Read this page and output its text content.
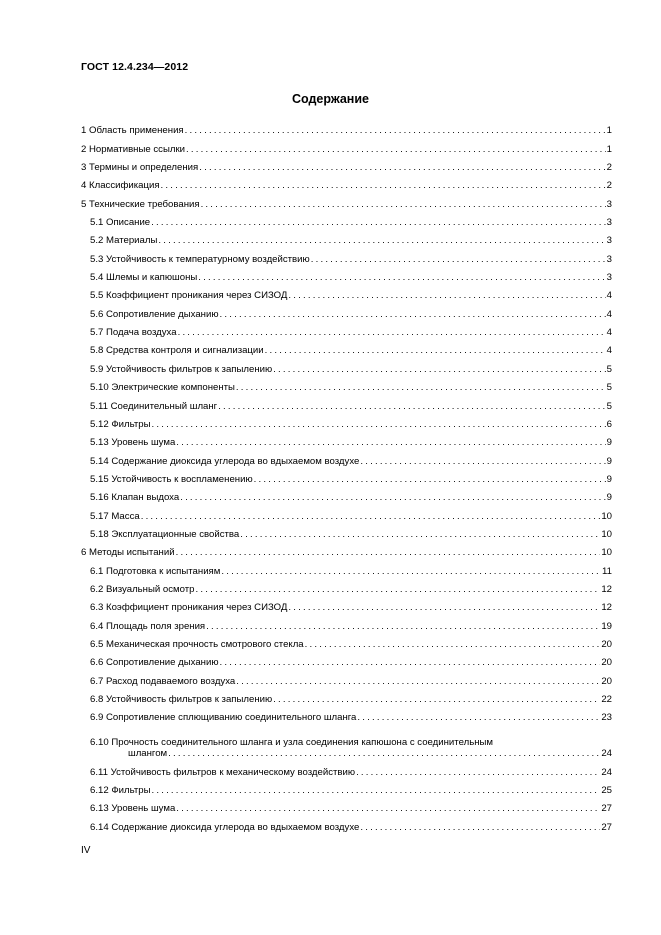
ГОСТ 12.4.234—2012
Содержание
1 Область применения .....	1
2 Нормативные ссылки .....	1
3 Термины и определения .....	2
4 Классификация .....	2
5 Технические требования .....	3
5.1 Описание .....	3
5.2 Материалы .....	3
5.3 Устойчивость к температурному воздействию .....	3
5.4 Шлемы и капюшоны .....	3
5.5 Коэффициент проникания через СИЗОД .....	4
5.6 Сопротивление дыханию .....	4
5.7 Подача воздуха .....	4
5.8 Средства контроля и сигнализации .....	4
5.9 Устойчивость фильтров к запылению .....	5
5.10 Электрические компоненты .....	5
5.11 Соединительный шланг .....	5
5.12 Фильтры .....	6
5.13 Уровень шума .....	9
5.14 Содержание диоксида углерода во вдыхаемом воздухе .....	9
5.15 Устойчивость к воспламенению .....	9
5.16 Клапан выдоха .....	9
5.17 Масса .....	10
5.18 Эксплуатационные свойства .....	10
6 Методы испытаний .....	10
6.1 Подготовка к испытаниям .....	11
6.2 Визуальный осмотр .....	12
6.3 Коэффициент проникания через СИЗОД .....	12
6.4 Площадь поля зрения .....	19
6.5 Механическая прочность смотрового стекла .....	20
6.6 Сопротивление дыханию .....	20
6.7 Расход подаваемого воздуха .....	20
6.8 Устойчивость фильтров к запылению .....	22
6.9 Сопротивление сплющиванию соединительного шланга .....	23
6.10 Прочность соединительного шланга и узла соединения капюшона с соединительным
шлангом .....	24
6.11 Устойчивость фильтров к механическому воздействию .....	24
6.12 Фильтры .....	25
6.13 Уровень шума .....	27
6.14 Содержание диоксида углерода во вдыхаемом воздухе .....	27
IV
